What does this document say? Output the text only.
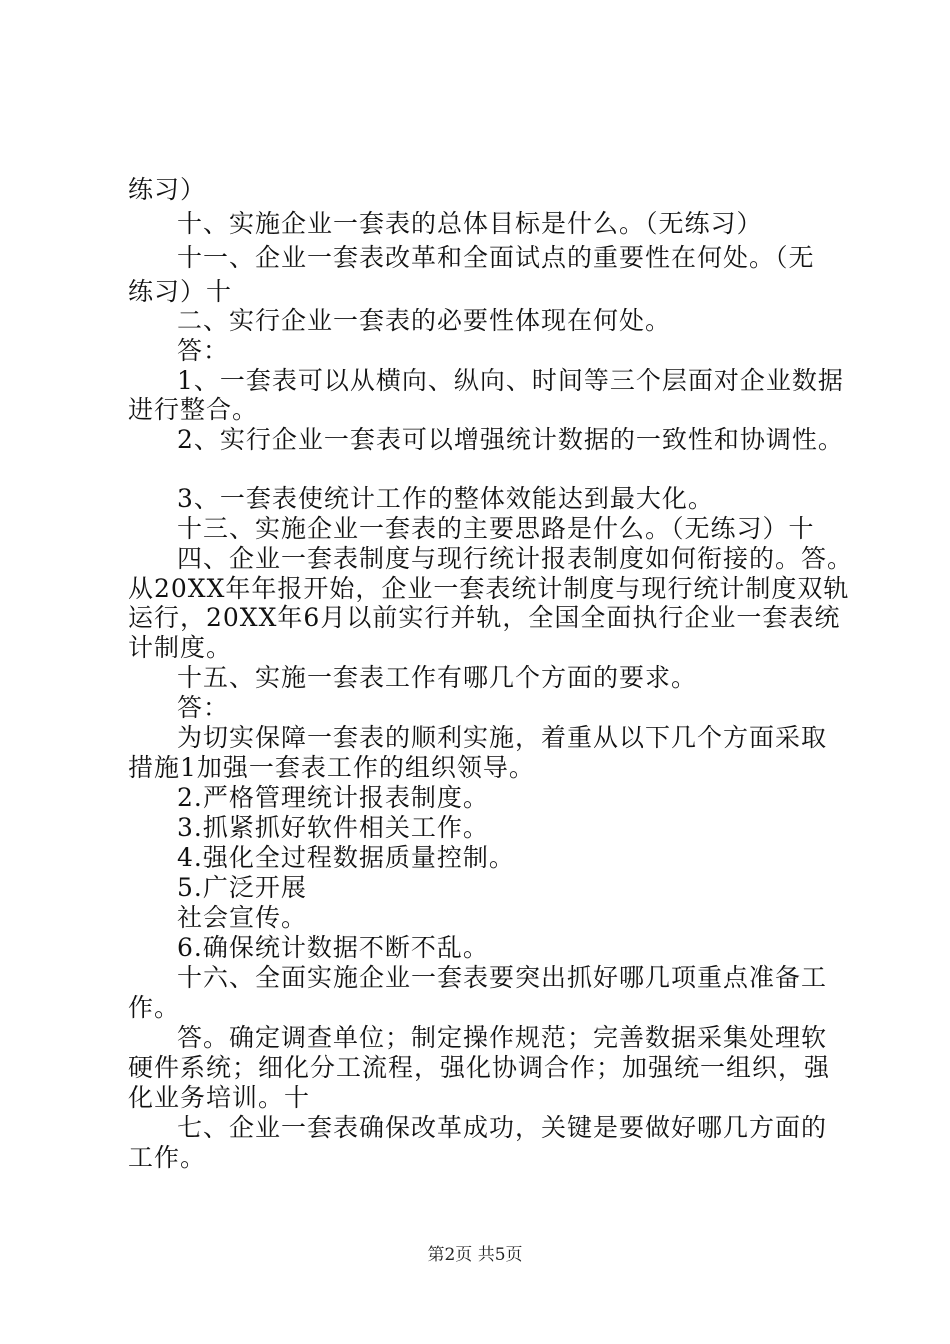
练习）
十、实施企业一套表的总体目标是什么。（无练习）
十一、企业一套表改革和全面试点的重要性在何处。（无
练习）十
二、实行企业一套表的必要性体现在何处。
答：
1、一套表可以从横向、纵向、时间等三个层面对企业数据
进行整合。
2、实行企业一套表可以增强统计数据的一致性和协调性。
3、一套表使统计工作的整体效能达到最大化。
十三、实施企业一套表的主要思路是什么。（无练习）十
四、企业一套表制度与现行统计报表制度如何衔接的。答。
从20XX年年报开始，企业一套表统计制度与现行统计制度双轨
运行，20XX年6月以前实行并轨，全国全面执行企业一套表统
计制度。
十五、实施一套表工作有哪几个方面的要求。
答：
为切实保障一套表的顺利实施，着重从以下几个方面采取
措施1加强一套表工作的组织领导。
2.严格管理统计报表制度。
3.抓紧抓好软件相关工作。
4.强化全过程数据质量控制。
5.广泛开展
社会宣传。
6.确保统计数据不断不乱。
十六、全面实施企业一套表要突出抓好哪几项重点准备工
作。
答。确定调查单位；制定操作规范；完善数据采集处理软
硬件系统；细化分工流程，强化协调合作；加强统一组织，强
化业务培训。十
七、企业一套表确保改革成功，关键是要做好哪几方面的
工作。
第2页 共5页
